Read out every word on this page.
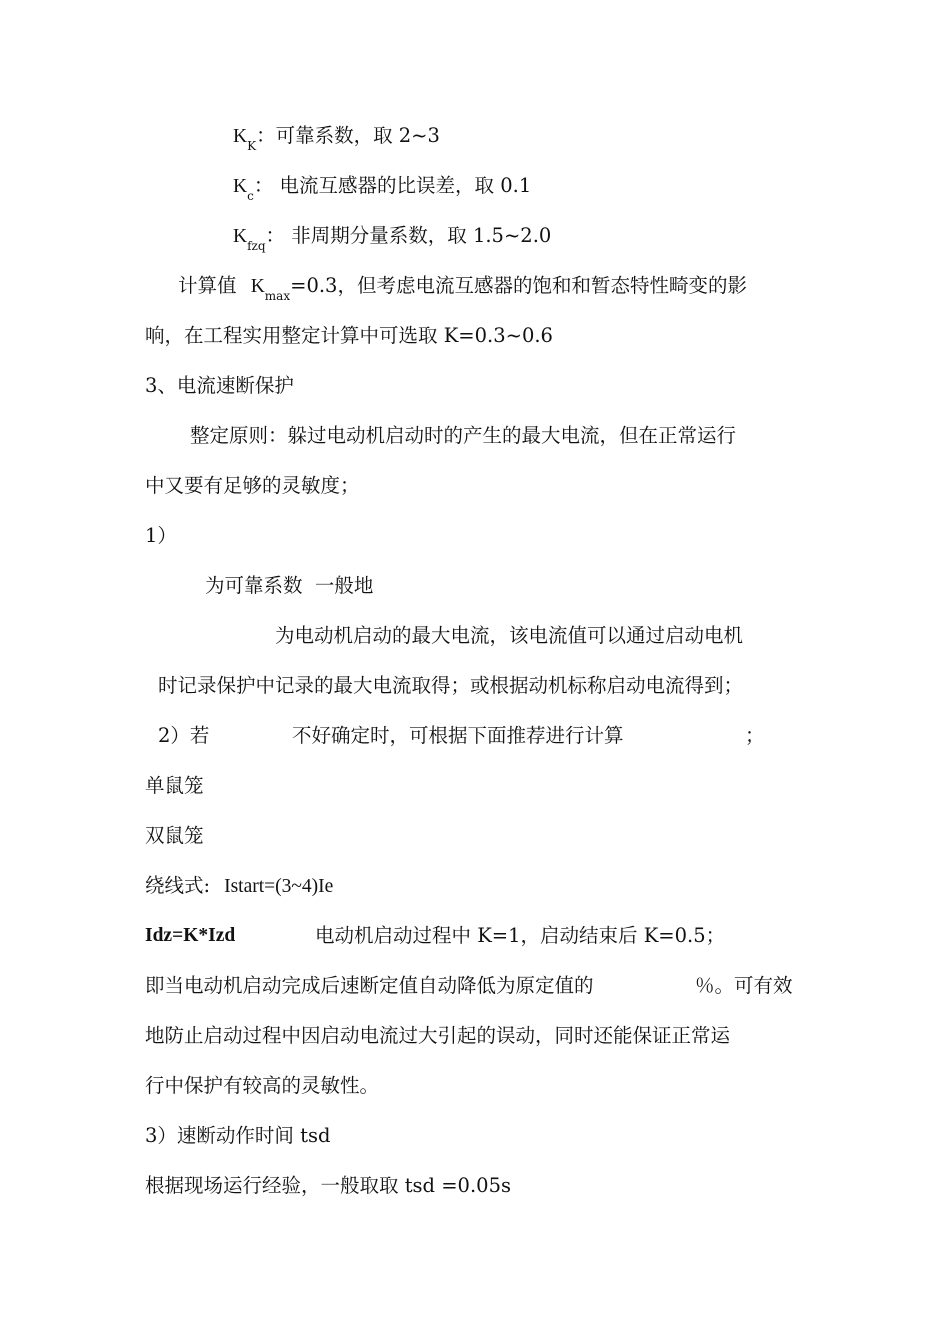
$K_K$：可靠系数，取 2~3
$K_c$： 电流互感器的比误差，取 0.1
$K_{fzq}$： 非周期分量系数，取 1.5~2.0
计算值 $K_{max}=0.3$，但考虑电流互感器的饱和和暂态特性畸变的影
响，在工程实用整定计算中可选取 K=0.3~0.6
3、电流速断保护
整定原则：躲过电动机启动时的产生的最大电流，但在正常运行
中又要有足够的灵敏度；
1）
为可靠系数  一般地
为电动机启动的最大电流，该电流值可以通过启动电机
时记录保护中记录的最大电流取得；或根据动机标称启动电流得到；
2）若	不好确定时，可根据下面推荐进行计算	；
单鼠笼
双鼠笼
绕线式: Istart=(3~4)Ie
Idz=K*Izd	电动机启动过程中 K=1，启动结束后 K=0.5；
即当电动机启动完成后速断定值自动降低为原定值的	％。可有效
地防止启动过程中因启动电流过大引起的误动，同时还能保证正常运
行中保护有较高的灵敏性。
3）速断动作时间 tsd
根据现场运行经验，一般取取 tsd =0.05s
